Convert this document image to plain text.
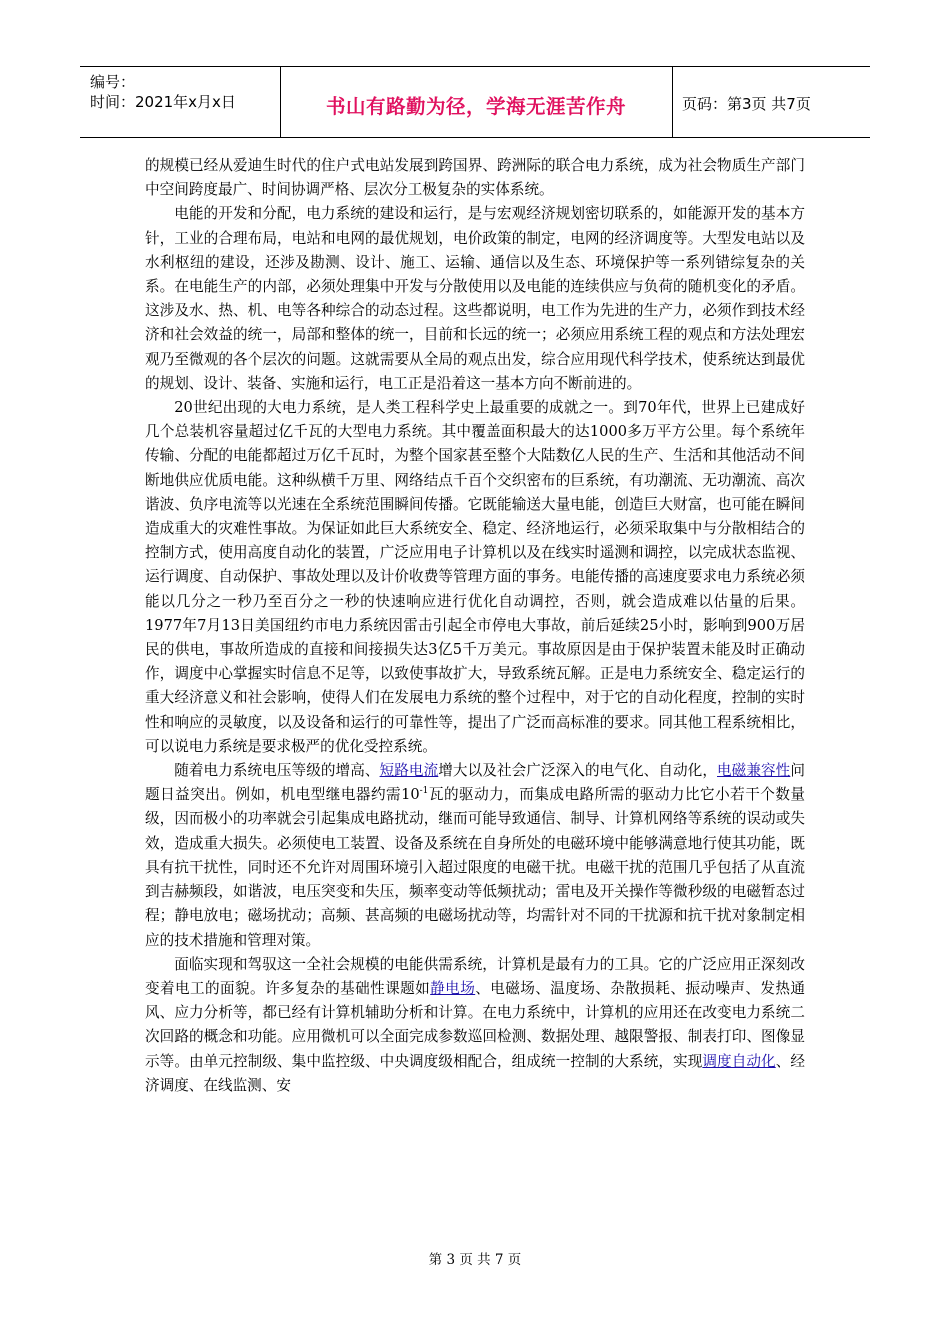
编号：
时间：2021年x月x日	书山有路勤为径，学海无涯苦作舟	页码：第3页 共7页

的规模已经从爱迪生时代的住户式电站发展到跨国界、跨洲际的联合电力系统，成为社会物质生产部门中空间跨度最广、时间协调严格、层次分工极复杂的实体系统。

电能的开发和分配，电力系统的建设和运行，是与宏观经济规划密切联系的，如能源开发的基本方针，工业的合理布局，电站和电网的最优规划，电价政策的制定，电网的经济调度等。大型发电站以及水利枢纽的建设，还涉及勘测、设计、施工、运输、通信以及生态、环境保护等一系列错综复杂的关系。在电能生产的内部，必须处理集中开发与分散使用以及电能的连续供应与负荷的随机变化的矛盾。这涉及水、热、机、电等各种综合的动态过程。这些都说明，电工作为先进的生产力，必须作到技术经济和社会效益的统一，局部和整体的统一，目前和长远的统一；必须应用系统工程的观点和方法处理宏观乃至微观的各个层次的问题。这就需要从全局的观点出发，综合应用现代科学技术，使系统达到最优的规划、设计、装备、实施和运行，电工正是沿着这一基本方向不断前进的。

20世纪出现的大电力系统，是人类工程科学史上最重要的成就之一。到70年代，世界上已建成好几个总装机容量超过亿千瓦的大型电力系统。其中覆盖面积最大的达1000多万平方公里。每个系统年传输、分配的电能都超过万亿千瓦时，为整个国家甚至整个大陆数亿人民的生产、生活和其他活动不间断地供应优质电能。这种纵横千万里、网络结点千百个交织密布的巨系统，有功潮流、无功潮流、高次谐波、负序电流等以光速在全系统范围瞬间传播。它既能输送大量电能，创造巨大财富，也可能在瞬间造成重大的灾难性事故。为保证如此巨大系统安全、稳定、经济地运行，必须采取集中与分散相结合的控制方式，使用高度自动化的装置，广泛应用电子计算机以及在线实时遥测和调控，以完成状态监视、运行调度、自动保护、事故处理以及计价收费等管理方面的事务。电能传播的高速度要求电力系统必须能以几分之一秒乃至百分之一秒的快速响应进行优化自动调控，否则，就会造成难以估量的后果。1977年7月13日美国纽约市电力系统因雷击引起全市停电大事故，前后延续25小时，影响到900万居民的供电，事故所造成的直接和间接损失达3亿5千万美元。事故原因是由于保护装置未能及时正确动作，调度中心掌握实时信息不足等，以致使事故扩大，导致系统瓦解。正是电力系统安全、稳定运行的重大经济意义和社会影响，使得人们在发展电力系统的整个过程中，对于它的自动化程度，控制的实时性和响应的灵敏度，以及设备和运行的可靠性等，提出了广泛而高标准的要求。同其他工程系统相比，可以说电力系统是要求极严的优化受控系统。

随着电力系统电压等级的增高、短路电流增大以及社会广泛深入的电气化、自动化，电磁兼容性问题日益突出。例如，机电型继电器约需$10^{-1}$瓦的驱动力，而集成电路所需的驱动力比它小若干个数量级，因而极小的功率就会引起集成电路扰动，继而可能导致通信、制导、计算机网络等系统的误动或失效，造成重大损失。必须使电工装置、设备及系统在自身所处的电磁环境中能够满意地行使其功能，既具有抗干扰性，同时还不允许对周围环境引入超过限度的电磁干扰。电磁干扰的范围几乎包括了从直流到吉赫频段，如谐波，电压突变和失压，频率变动等低频扰动；雷电及开关操作等微秒级的电磁暂态过程；静电放电；磁场扰动；高频、甚高频的电磁场扰动等，均需针对不同的干扰源和抗干扰对象制定相应的技术措施和管理对策。

面临实现和驾驭这一全社会规模的电能供需系统，计算机是最有力的工具。它的广泛应用正深刻改变着电工的面貌。许多复杂的基础性课题如静电场、电磁场、温度场、杂散损耗、振动噪声、发热通风、应力分析等，都已经有计算机辅助分析和计算。在电力系统中，计算机的应用还在改变电力系统二次回路的概念和功能。应用微机可以全面完成参数巡回检测、数据处理、越限警报、制表打印、图像显示等。由单元控制级、集中监控级、中央调度级相配合，组成统一控制的大系统，实现调度自动化、经济调度、在线监测、安

第 3 页 共 7 页
